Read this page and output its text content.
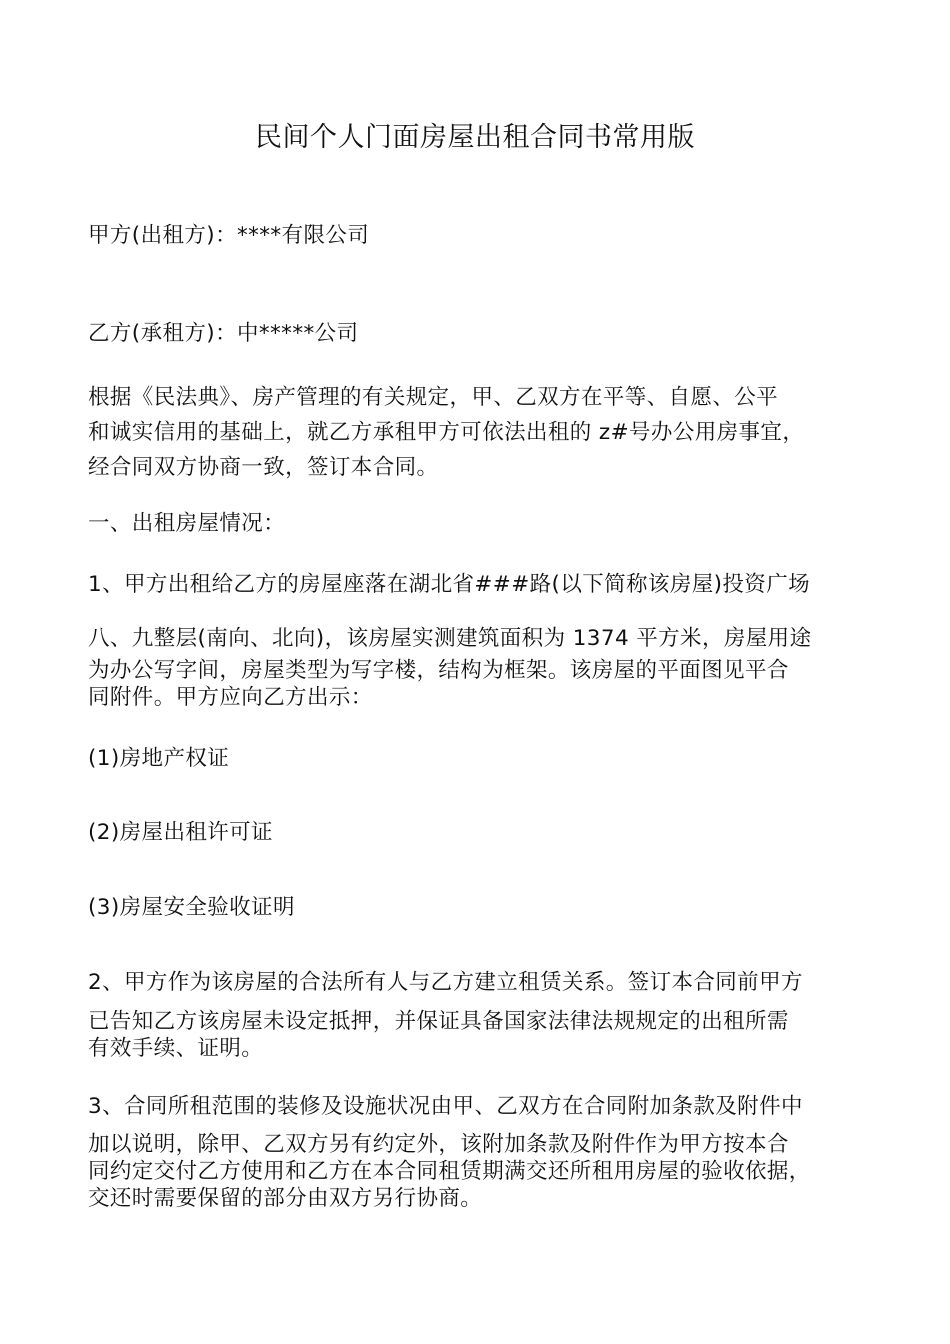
民间个人门面房屋出租合同书常用版
甲方(出租方)：****有限公司
乙方(承租方)：中*****公司
根据《民法典》、房产管理的有关规定，甲、乙双方在平等、自愿、公平
和诚实信用的基础上，就乙方承租甲方可依法出租的 z#号办公用房事宜，
经合同双方协商一致，签订本合同。
一、出租房屋情况：
1、甲方出租给乙方的房屋座落在湖北省###路(以下简称该房屋)投资广场
八、九整层(南向、北向)，该房屋实测建筑面积为 1374 平方米，房屋用途
为办公写字间，房屋类型为写字楼，结构为框架。该房屋的平面图见平合
同附件。甲方应向乙方出示：
(1)房地产权证
(2)房屋出租许可证
(3)房屋安全验收证明
2、甲方作为该房屋的合法所有人与乙方建立租赁关系。签订本合同前甲方
已告知乙方该房屋未设定抵押，并保证具备国家法律法规规定的出租所需
有效手续、证明。
3、合同所租范围的装修及设施状况由甲、乙双方在合同附加条款及附件中
加以说明，除甲、乙双方另有约定外，该附加条款及附件作为甲方按本合
同约定交付乙方使用和乙方在本合同租赁期满交还所租用房屋的验收依据，
交还时需要保留的部分由双方另行协商。
